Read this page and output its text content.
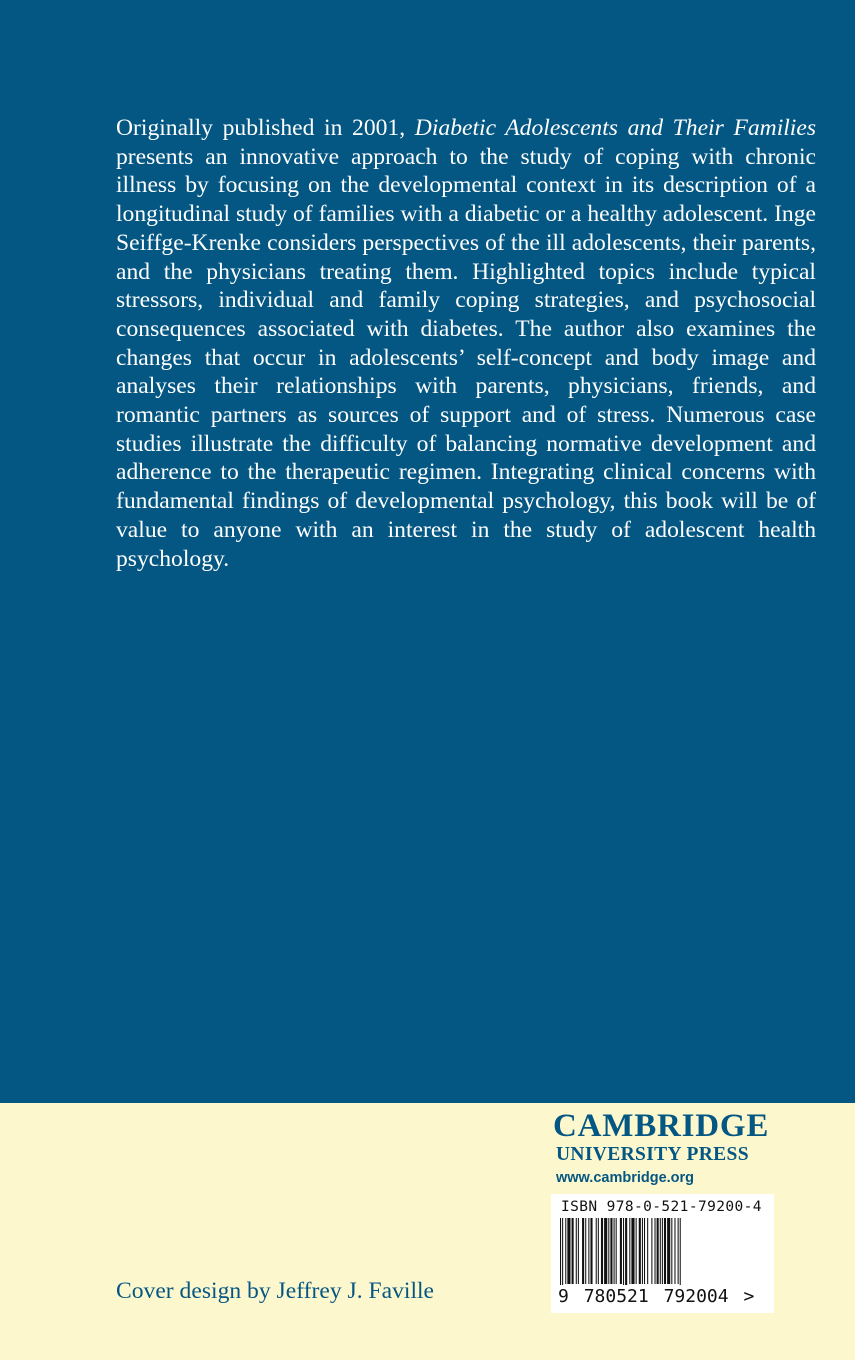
Originally published in 2001, Diabetic Adolescents and Their Families presents an innovative approach to the study of coping with chronic illness by focusing on the developmental context in its description of a longitudinal study of families with a diabetic or a healthy adolescent. Inge Seiffge-Krenke considers perspectives of the ill adolescents, their parents, and the physicians treating them. Highlighted topics include typical stressors, individual and family coping strategies, and psychosocial consequences associated with diabetes. The author also examines the changes that occur in adolescents’ self-concept and body image and analyses their relationships with parents, physicians, friends, and romantic partners as sources of support and of stress. Numerous case studies illustrate the difficulty of balancing normative development and adherence to the therapeutic regimen. Integrating clinical concerns with fundamental findings of developmental psychology, this book will be of value to anyone with an interest in the study of adolescent health psychology.

CAMBRIDGE
UNIVERSITY PRESS
www.cambridge.org
ISBN 978-0-521-79200-4
9 780521 792004 >
Cover design by Jeffrey J. Faville
